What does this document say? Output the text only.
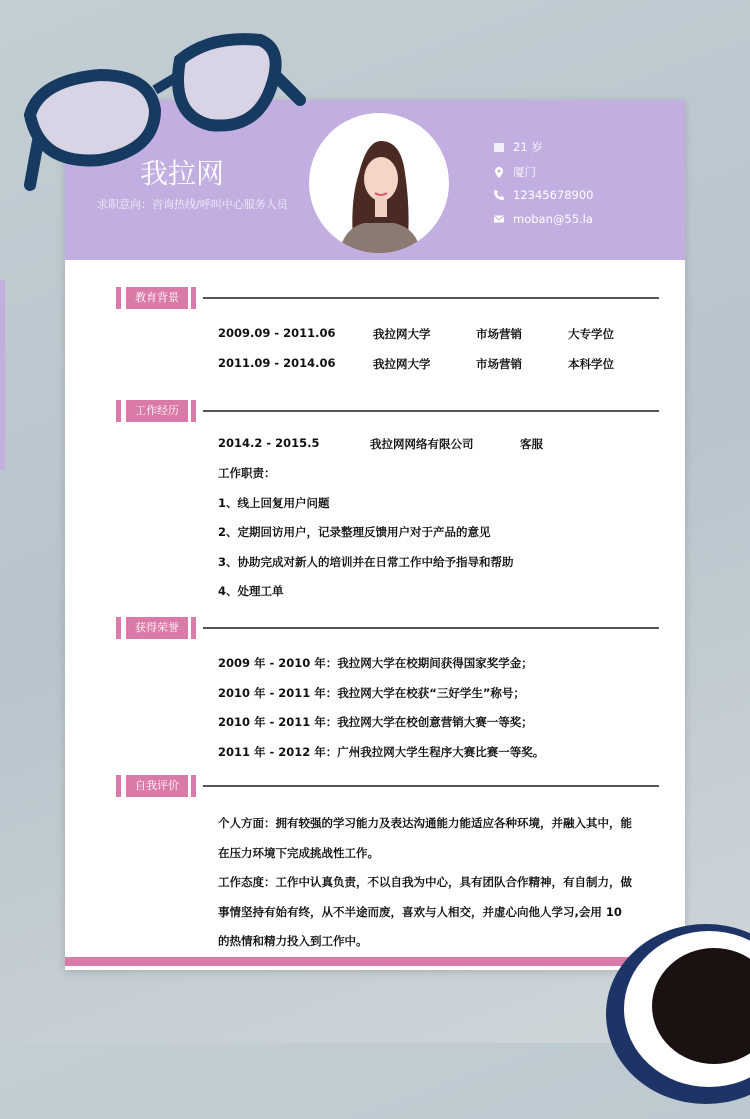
我拉网
求职意向：咨询热线/呼叫中心服务人员
21 岁
厦门
12345678900
moban@55.la
教育背景
2009.09 - 2011.06	我拉网大学	市场营销	大专学位
2011.09 - 2014.06	我拉网大学	市场营销	本科学位
工作经历
2014.2 - 2015.5	我拉网网络有限公司	客服
工作职责：
1、线上回复用户问题
2、定期回访用户，记录整理反馈用户对于产品的意见
3、协助完成对新人的培训并在日常工作中给予指导和帮助
4、处理工单
获得荣誉
2009 年 - 2010 年：我拉网大学在校期间获得国家奖学金；
2010 年 - 2011 年：我拉网大学在校获“三好学生”称号；
2010 年 - 2011 年：我拉网大学在校创意营销大赛一等奖；
2011 年 - 2012 年：广州我拉网大学生程序大赛比赛一等奖。
自我评价
个人方面：拥有较强的学习能力及表达沟通能力能适应各种环境，并融入其中，能
在压力环境下完成挑战性工作。
工作态度：工作中认真负责，不以自我为中心，具有团队合作精神，有自制力，做
事情坚持有始有终，从不半途而废，喜欢与人相交，并虚心向他人学习,会用 10
的热情和精力投入到工作中。
